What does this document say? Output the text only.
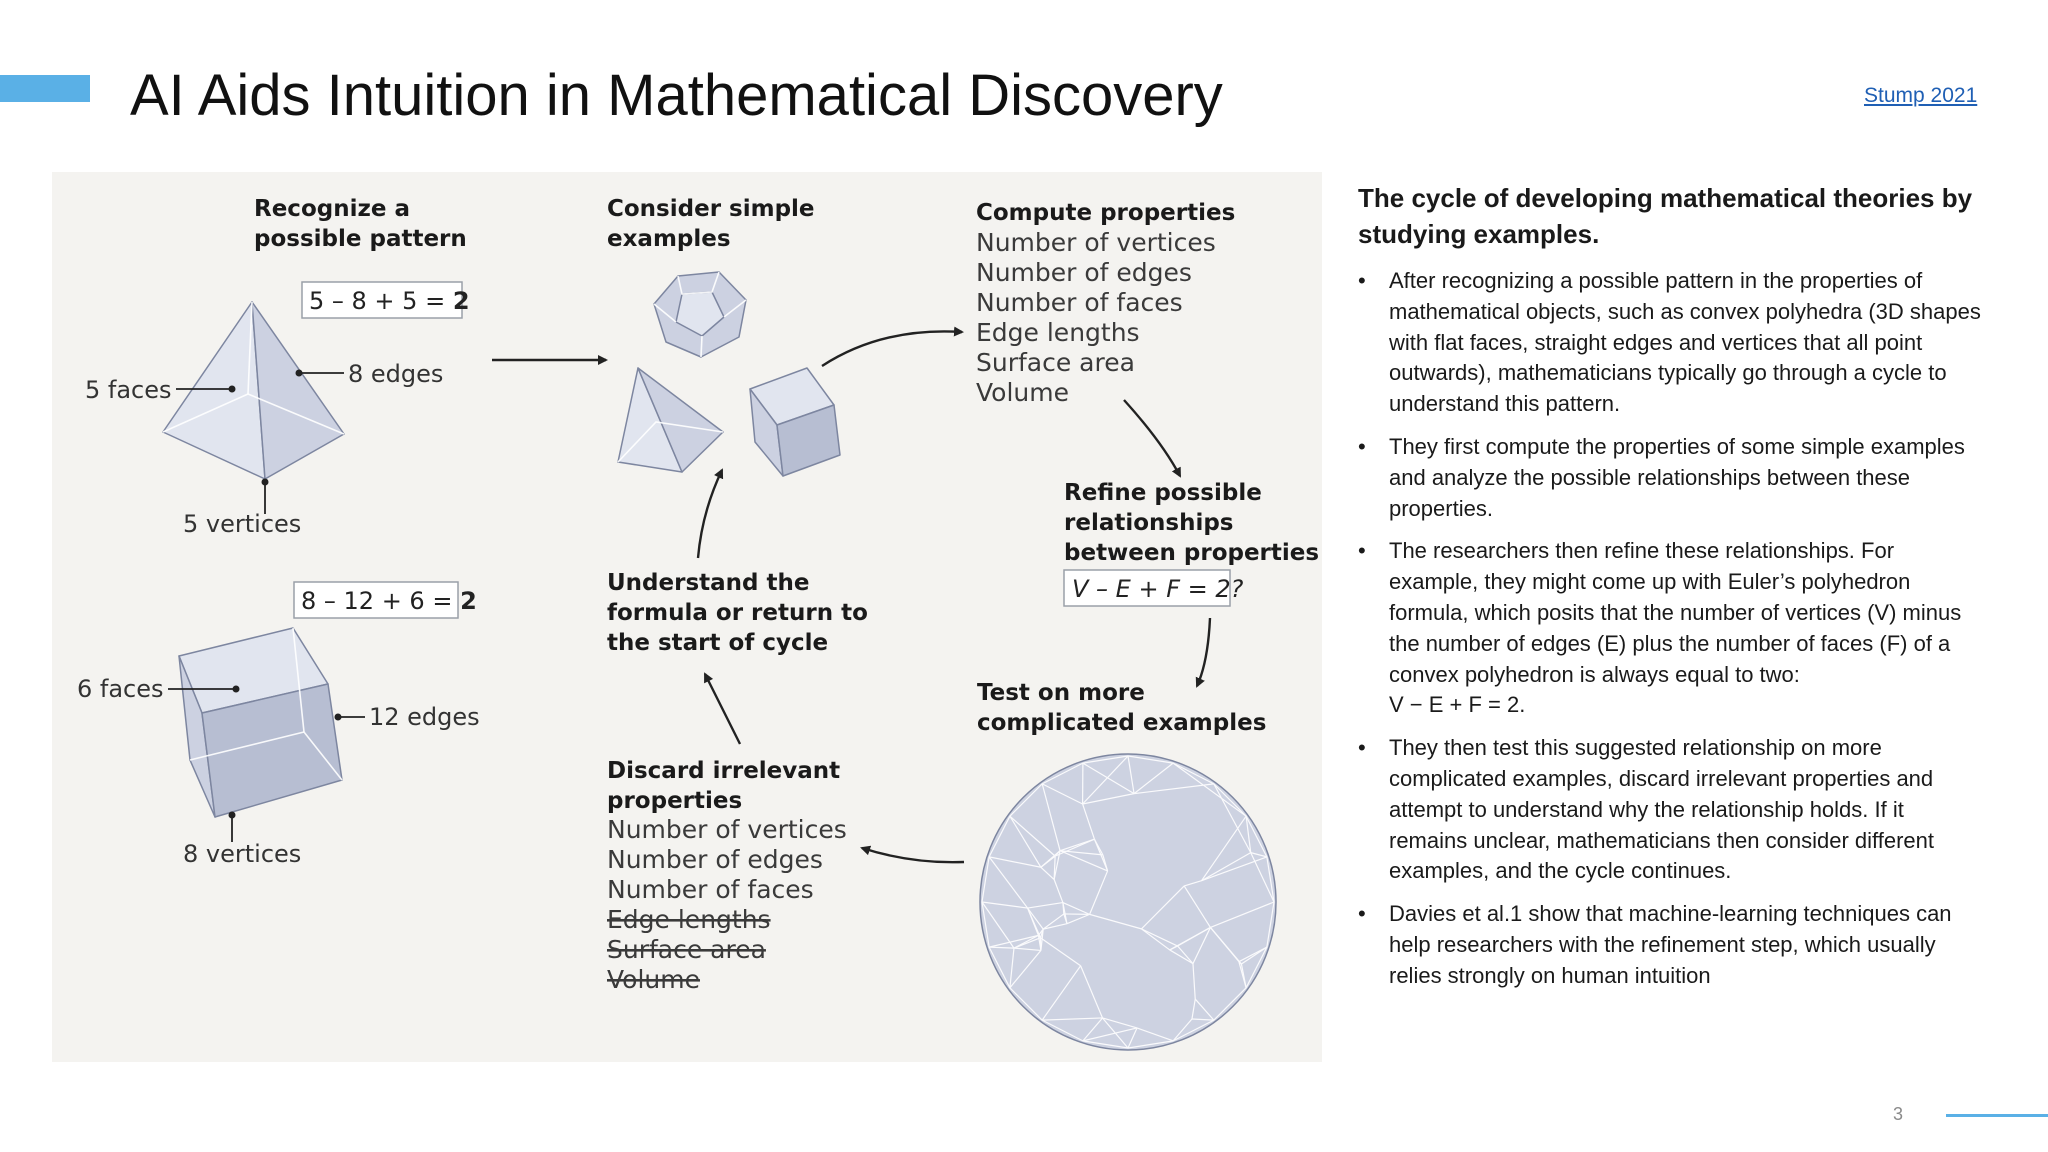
AI Aids Intuition in Mathematical Discovery	Stump 2021
Recognize a possible pattern
5 – 8 + 5 = 2
5 faces
8 edges
5 vertices
8 – 12 + 6 = 2
6 faces
12 edges
8 vertices
Consider simple examples
Compute properties
Number of vertices Number of edges Number of faces Edge lengths Surface area Volume
Refine possible relationships between properties
V – E + F = 2?
Test on more complicated examples
Discard irrelevant properties
Number of vertices Number of edges Number of faces Edge lengths Surface area Volume
Understand the formula or return to the start of cycle

The cycle of developing mathematical theories by studying examples.

• After recognizing a possible pattern in the properties of mathematical objects, such as convex polyhedra (3D shapes with flat faces, straight edges and vertices that all point outwards), mathematicians typically go through a cycle to understand this pattern.
• They first compute the properties of some simple examples and analyze the possible relationships between these properties.
• The researchers then refine these relationships. For example, they might come up with Euler’s polyhedron formula, which posits that the number of vertices (V) minus the number of edges (E) plus the number of faces (F) of a convex polyhedron is always equal to two:
V − E + F = 2.
• They then test this suggested relationship on more complicated examples, discard irrelevant properties and attempt to understand why the relationship holds. If it remains unclear, mathematicians then consider different examples, and the cycle continues.
• Davies et al.1 show that machine-learning techniques can help researchers with the refinement step, which usually relies strongly on human intuition
3
